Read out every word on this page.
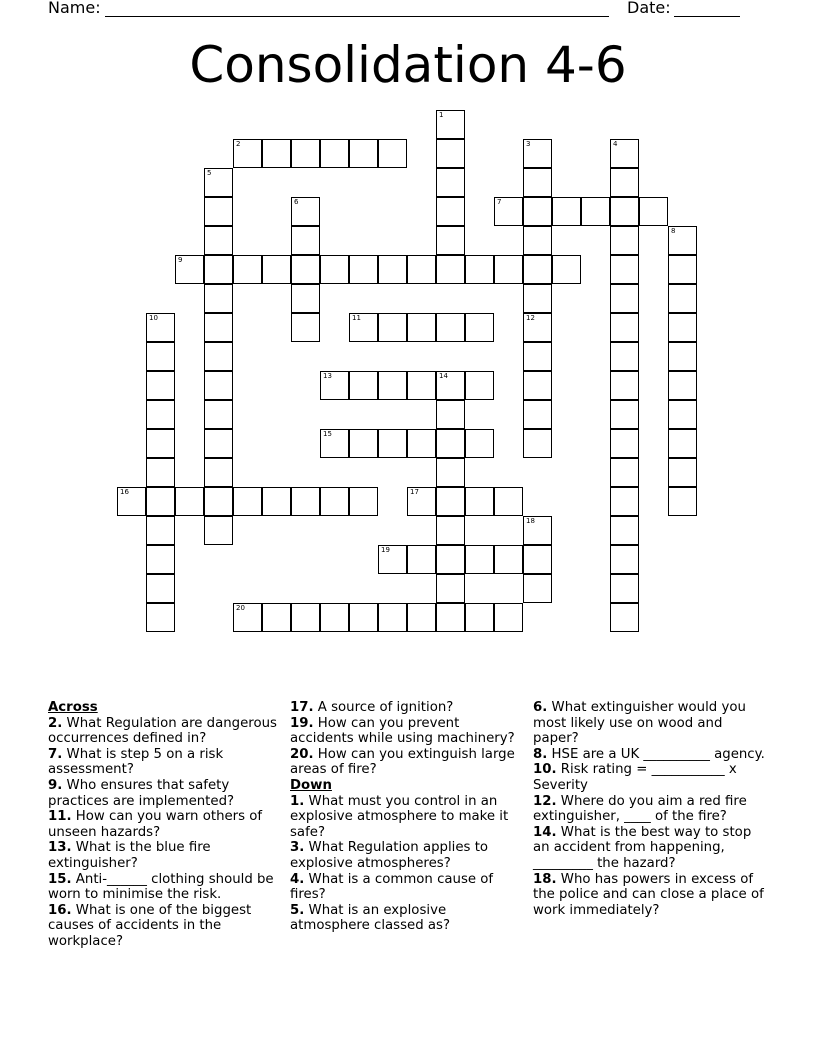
Name:	Date:
Consolidation 4-6
2
7
9
11
13	14
15
16	17
19
20
1
3
12
4
5
6
8
10
18

Across

2. What Regulation are dangerous occurrences defined in?

7. What is step 5 on a risk assessment?

9. Who ensures that safety practices are implemented?

11. How can you warn others of unseen hazards?

13. What is the blue fire extinguisher?

15. Anti-______ clothing should be worn to minimise the risk.

16. What is one of the biggest causes of accidents in the workplace?

17. A source of ignition?

19. How can you prevent accidents while using machinery?

20. How can you extinguish large areas of fire?

Down

1. What must you control in an explosive atmosphere to make it safe?

3. What Regulation applies to explosive atmospheres?

4. What is a common cause of fires?

5. What is an explosive atmosphere classed as?

6. What extinguisher would you most likely use on wood and paper?

8. HSE are a UK __________ agency.

10. Risk rating = ___________ x Severity

12. Where do you aim a red fire extinguisher, ____ of the fire?

14. What is the best way to stop an accident from happening, _________ the hazard?

18. Who has powers in excess of the police and can close a place of work immediately?
